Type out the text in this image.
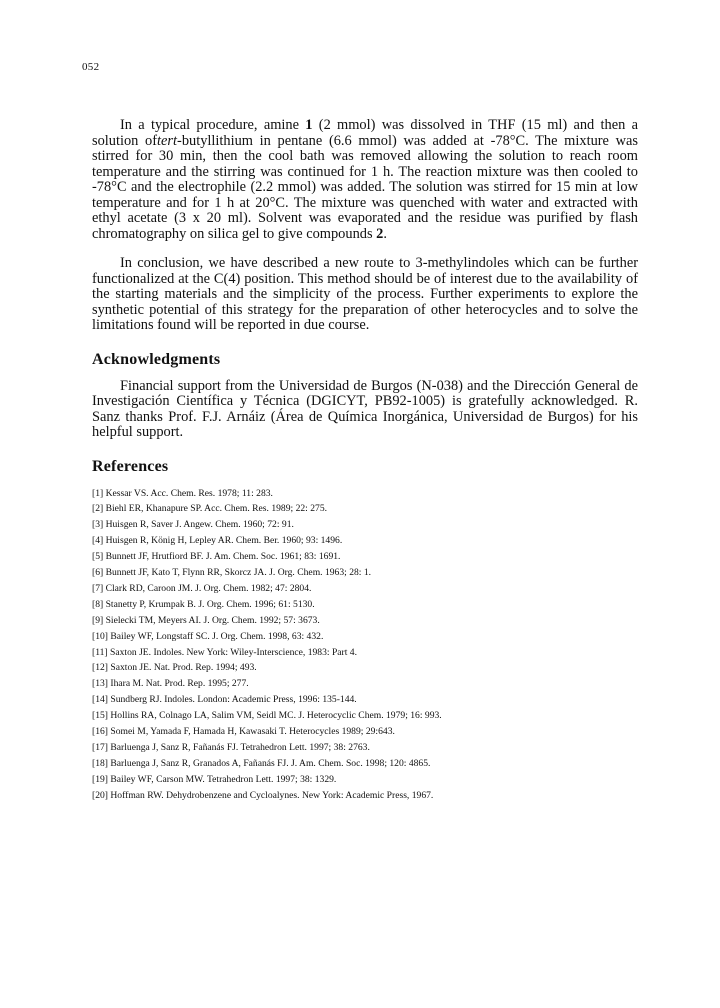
052

In a typical procedure, amine 1 (2 mmol) was dissolved in THF (15 ml) and then a solution oftert-butyllithium in pentane (6.6 mmol) was added at -78°C. The mixture was stirred for 30 min, then the cool bath was removed allowing the solution to reach room temperature and the stirring was continued for 1 h. The reaction mixture was then cooled to -78°C and the electrophile (2.2 mmol) was added. The solution was stirred for 15 min at low temperature and for 1 h at 20°C. The mixture was quenched with water and extracted with ethyl acetate (3 x 20 ml). Solvent was evaporated and the residue was purified by flash chromatography on silica gel to give compounds 2.

In conclusion, we have described a new route to 3-methylindoles which can be further functionalized at the C(4) position. This method should be of interest due to the availability of the starting materials and the simplicity of the process. Further experiments to explore the synthetic potential of this strategy for the preparation of other heterocycles and to solve the limitations found will be reported in due course.

Acknowledgments

Financial support from the Universidad de Burgos (N-038) and the Dirección General de Investigación Científica y Técnica (DGICYT, PB92-1005) is gratefully acknowledged. R. Sanz thanks Prof. F.J. Arnáiz (Área de Química Inorgánica, Universidad de Burgos) for his helpful support.

References
[1] Kessar VS. Acc. Chem. Res. 1978; 11: 283.
[2] Biehl ER, Khanapure SP. Acc. Chem. Res. 1989; 22: 275.
[3] Huisgen R, Saver J. Angew. Chem. 1960; 72: 91.
[4] Huisgen R, König H, Lepley AR. Chem. Ber. 1960; 93: 1496.
[5] Bunnett JF, Hrutfiord BF. J. Am. Chem. Soc. 1961; 83: 1691.
[6] Bunnett JF, Kato T, Flynn RR, Skorcz JA. J. Org. Chem. 1963; 28: 1.
[7] Clark RD, Caroon JM. J. Org. Chem. 1982; 47: 2804.
[8] Stanetty P, Krumpak B. J. Org. Chem. 1996; 61: 5130.
[9] Sielecki TM, Meyers AI. J. Org. Chem. 1992; 57: 3673.
[10] Bailey WF, Longstaff SC. J. Org. Chem. 1998, 63: 432.
[11] Saxton JE. Indoles. New York: Wiley-Interscience, 1983: Part 4.
[12] Saxton JE. Nat. Prod. Rep. 1994; 493.
[13] Ihara M. Nat. Prod. Rep. 1995; 277.
[14] Sundberg RJ. Indoles. London: Academic Press, 1996: 135-144.
[15] Hollins RA, Colnago LA, Salim VM, Seidl MC. J. Heterocyclic Chem. 1979; 16: 993.
[16] Somei M, Yamada F, Hamada H, Kawasaki T. Heterocycles 1989; 29:643.
[17] Barluenga J, Sanz R, Fañanás FJ. Tetrahedron Lett. 1997; 38: 2763.
[18] Barluenga J, Sanz R, Granados A, Fañanás FJ. J. Am. Chem. Soc. 1998; 120: 4865.
[19] Bailey WF, Carson MW. Tetrahedron Lett. 1997; 38: 1329.
[20] Hoffman RW. Dehydrobenzene and Cycloalynes. New York: Academic Press, 1967.
